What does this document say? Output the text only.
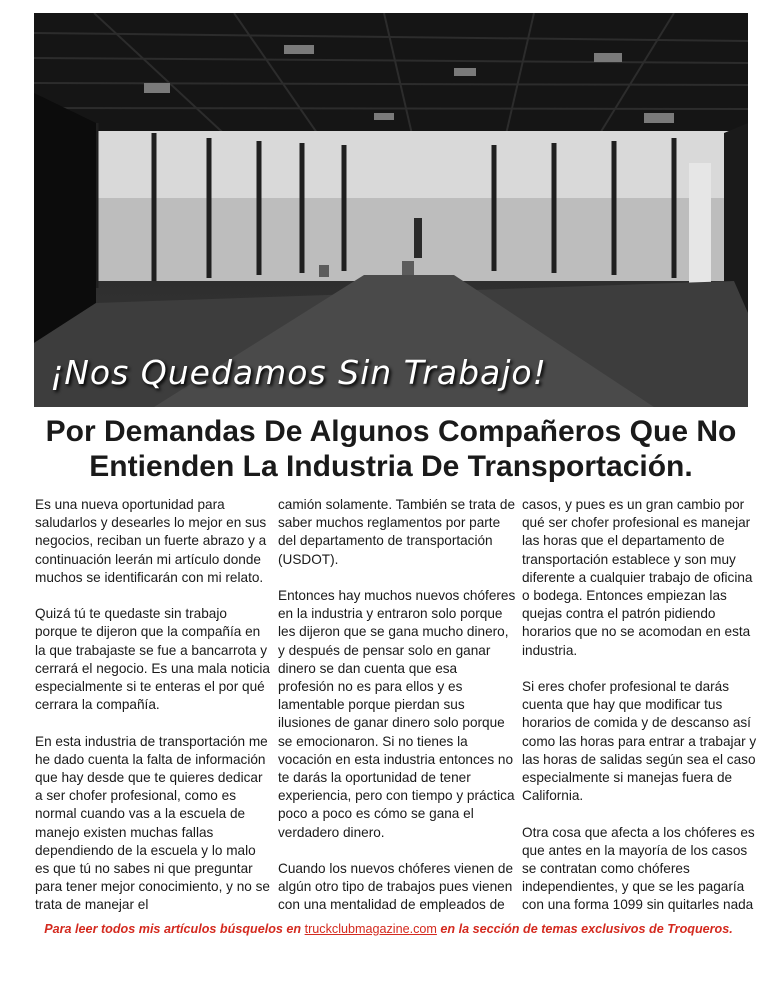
¡Nos Quedamos Sin Trabajo!
Por Demandas De Algunos Compañeros Que No
Entienden La Industria De Transportación.

Es una nueva oportunidad para saludarlos y desearles lo mejor en sus negocios, reciban un fuerte abrazo y a continuación leerán mi artículo donde muchos se identificarán con mi relato.

Quizá tú te quedaste sin trabajo porque te dijeron que la compañía en la que trabajaste se fue a bancarrota y cerrará el negocio. Es una mala noticia especialmente si te enteras el por qué cerrara la compañía.

En esta industria de transportación me he dado cuenta la falta de información que hay desde que te quieres dedicar a ser chofer profesional, como es normal cuando vas a la escuela de manejo existen muchas fallas dependiendo de la escuela y lo malo es que tú no sabes ni que preguntar para tener mejor conocimiento, y no se trata de manejar el

camión solamente. También se trata de saber muchos reglamentos por parte del departamento de transportación (USDOT).

Entonces hay muchos nuevos chóferes en la industria y entraron solo porque les dijeron que se gana mucho dinero, y después de pensar solo en ganar dinero se dan cuenta que esa profesión no es para ellos y es lamentable porque pierdan sus ilusiones de ganar dinero solo porque se emocionaron. Si no tienes la vocación en esta industria entonces no te darás la oportunidad de tener experiencia, pero con tiempo y práctica poco a poco es cómo se gana el verdadero dinero.

Cuando los nuevos chóferes vienen de algún otro tipo de trabajos pues vienen con una mentalidad de empleados de

casos, y pues es un gran cambio por qué ser chofer profesional es manejar las horas que el departamento de transportación establece y son muy diferente a cualquier trabajo de oficina o bodega. Entonces empiezan las quejas contra el patrón pidiendo horarios que no se acomodan en esta industria.

Si eres chofer profesional te darás cuenta que hay que modificar tus horarios de comida y de descanso así como las horas para entrar a trabajar y las horas de salidas según sea el caso especialmente si manejas fuera de California.

Otra cosa que afecta a los chóferes es que antes en la mayoría de los casos se contratan como chóferes independientes, y que se les pagaría con una forma 1099 sin quitarles nada

Para leer todos mis artículos búsquelos en truckclubmagazine.com en la sección de temas exclusivos de Troqueros.
